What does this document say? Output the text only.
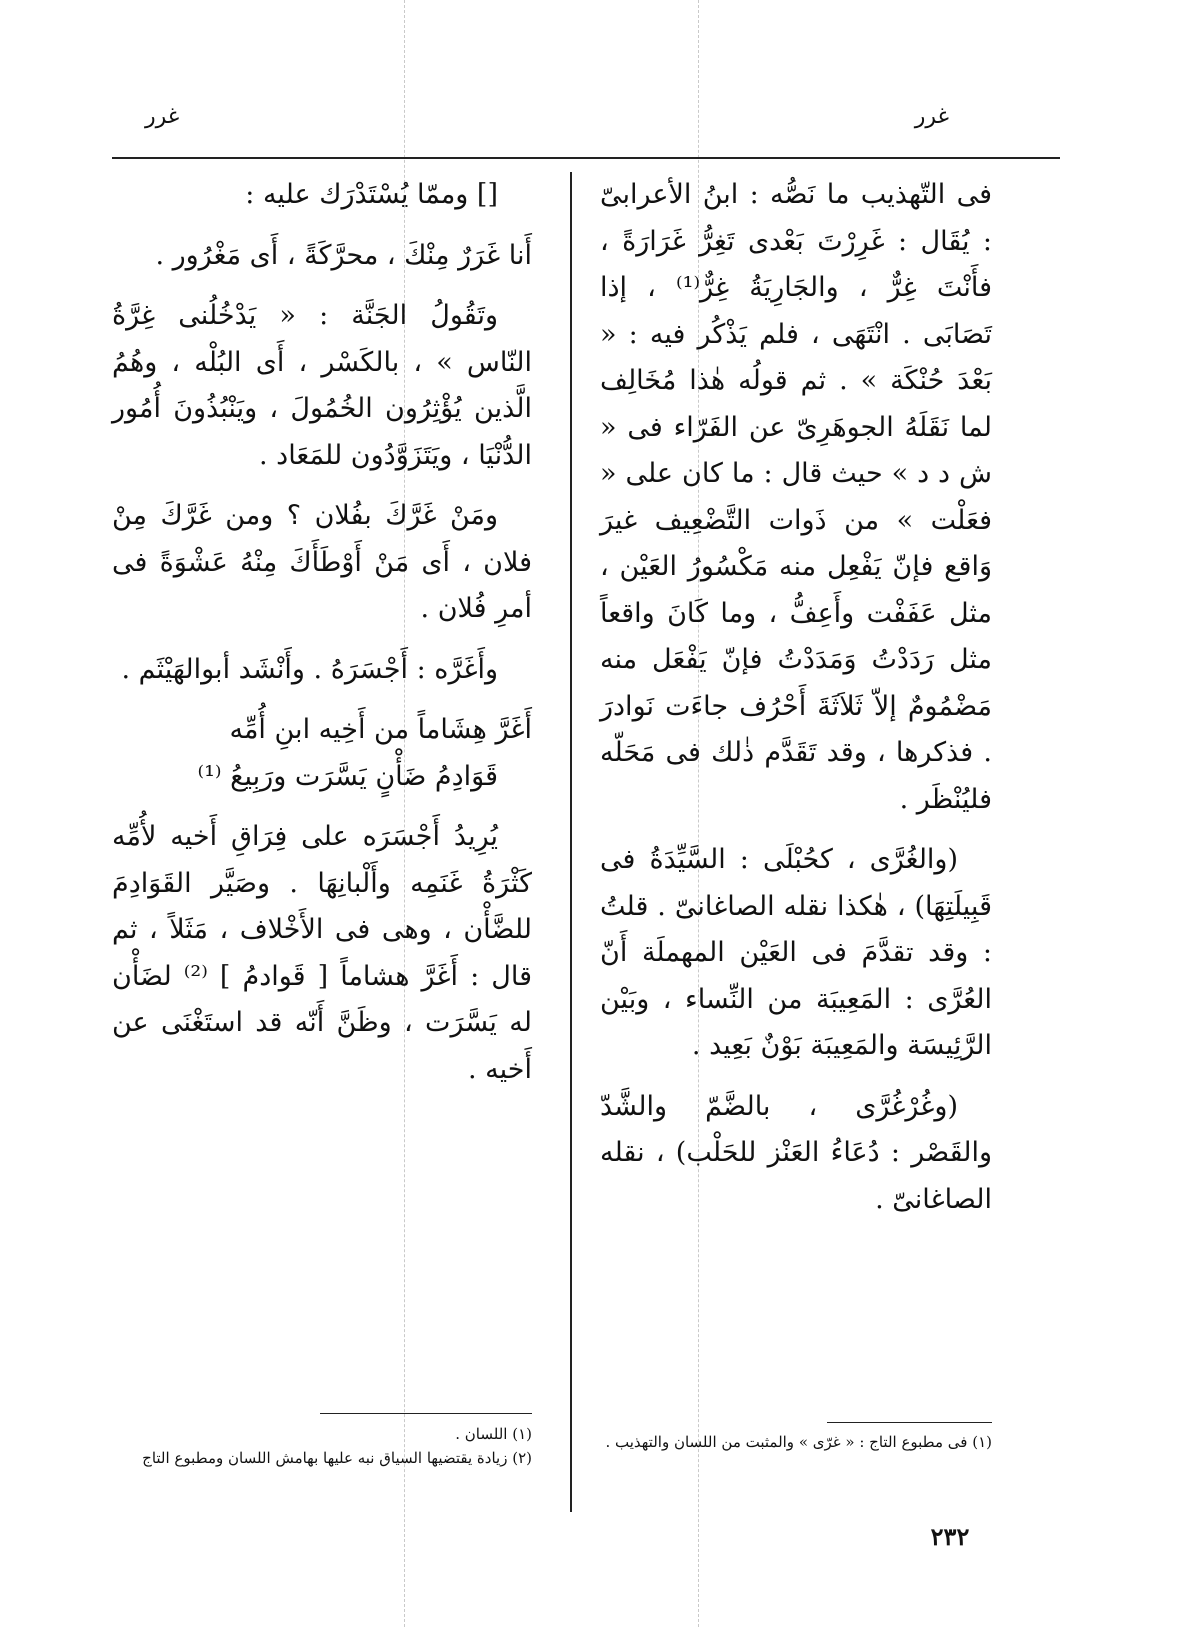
غرر
غرر

فى التّهذيب ما نَصُّه : ابنُ الأعرابىّ : يُقَال : غَرِرْتَ بَعْدى تَغِرُّ غَرَارَةً ، فأَنْتَ غِرٌّ ، والجَارِيَةُ غِرٌّ⁽¹⁾ ، إذا تَصَابَى . انْتَهَى ، فلم يَذْكُر فيه : « بَعْدَ حُنْكَة » . ثم قولُه هٰذا مُخَالِف لما نَقَلَهُ الجوهَرِىّ عن الفَرّاء فى « ش د د » حيث قال : ما كان على « فعَلْت » من ذَوات التَّضْعِيف غيرَ وَاقع فإنّ يَفْعِل منه مَكْسُورُ العَيْن ، مثل عَفَفْت وأَعِفُّ ، وما كَانَ واقعاً مثل رَدَدْتُ وَمَدَدْتُ فإنّ يَفْعَل منه مَضْمُومٌ إلاّ ثَلاَثَةَ أَحْرُف جاءَت نَوادرَ . فذكرها ، وقد تَقَدَّم ذٰلك فى مَحَلّه فليُنْظَر .

(والغُرَّى ، كحُبْلَى : السَّيِّدَةُ فى قَبِيلَتِهَا) ، هٰكذا نقله الصاغانىّ . قلتُ : وقد تقدَّمَ فى العَيْن المهملَة أَنّ العُرَّى : المَعِيبَة من النِّساء ، وبَيْن الرَّئِيسَة والمَعِيبَة بَوْنٌ بَعِيد .

(وغُرْغُرَّى ، بالضَّمّ والشَّدّ والقَصْر : دُعَاءُ العَنْز للحَلْب) ، نقله الصاغانىّ .

[] وممّا يُسْتَدْرَك عليه :

أَنا غَرَرٌ مِنْكَ ، محرَّكَةً ، أَى مَغْرُور .

وتَقُولُ الجَنَّة : « يَدْخُلُنى غِرَّةُ النّاس » ، بالكَسْر ، أَى البُلْه ، وهُمُ الَّذين يُؤْثِرُون الخُمُولَ ، ويَنْبُذُونَ أُمُور الدُّنْيَا ، ويَتَزَوَّدُون للمَعَاد .

ومَنْ غَرَّكَ بفُلان ؟ ومن غَرَّكَ مِنْ فلان ، أَى مَنْ أَوْطَأَكَ مِنْهُ عَشْوَةً فى أمرِ فُلان .

وأَغَرَّه : أَجْسَرَهُ . وأَنْشَد أبوالهَيْثَم .

أَغَرَّ هِشَاماً من أَخِيه ابنِ أُمِّه

قَوَادِمُ ضَأْنٍ يَسَّرَت ورَبِيعُ ⁽¹⁾

يُرِيدُ أَجْسَرَه على فِرَاقِ أَخيه لأُمِّه كَثْرَةُ غَنَمِه وأَلْبانِهَا . وصَيَّر القَوَادِمَ للضَّأْن ، وهى فى الأَخْلاف ، مَثَلاً ، ثم قال : أَغَرَّ هشاماً [ قَوادمُ ] ⁽²⁾ لضَأْن له يَسَّرَت ، وظَنَّ أَنّه قد استَغْنَى عن أَخيه .

(١) فى مطبوع التاج : « غرّى » والمثبت من اللسان والتهذيب .

(١) اللسان .

(٢) زيادة يقتضيها السياق نبه عليها بهامش اللسان ومطبوع التاج

٢٣٢
